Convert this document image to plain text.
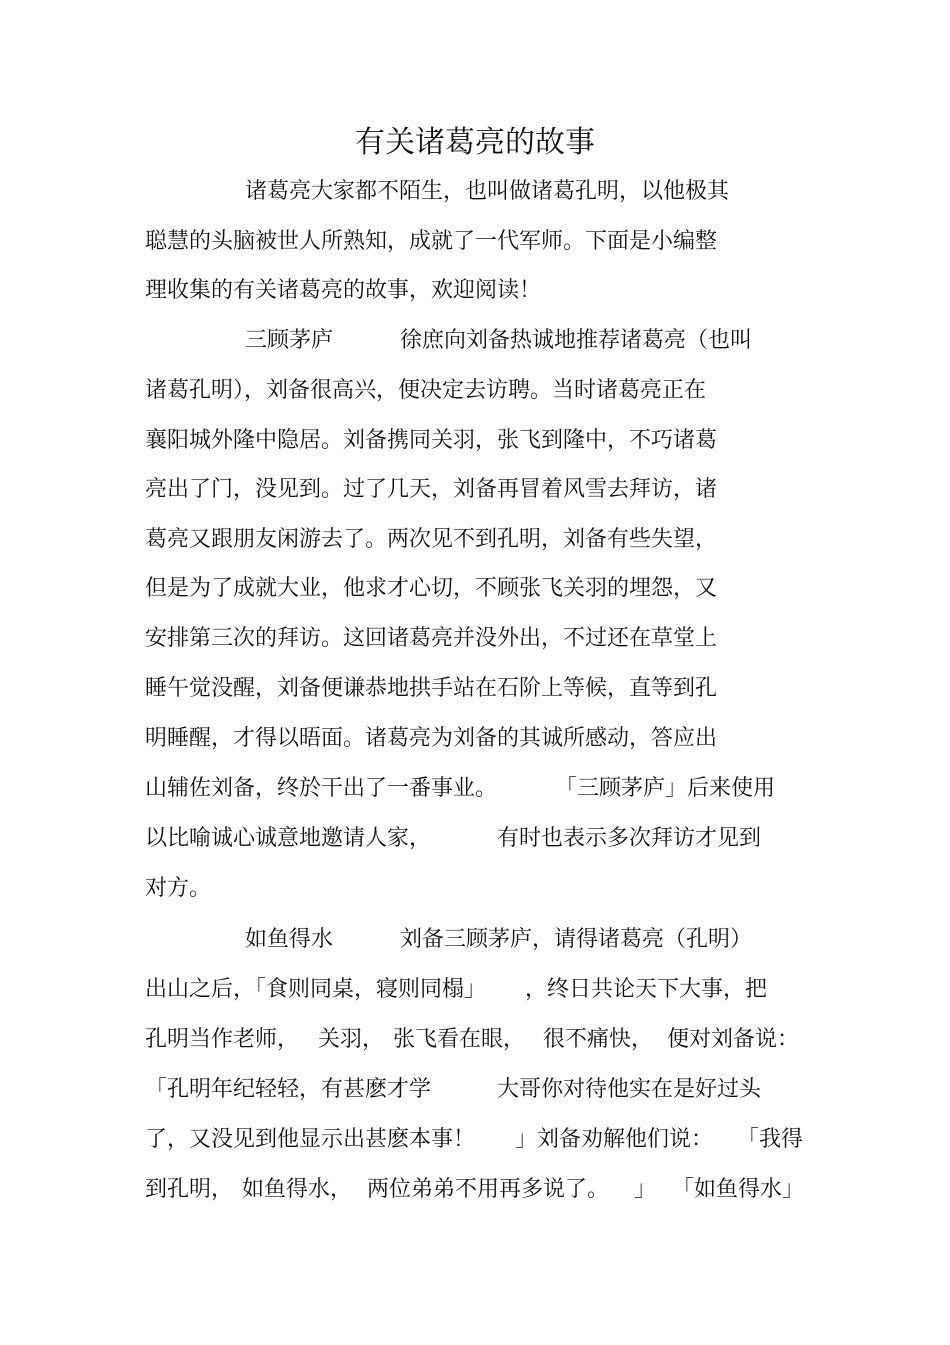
有关诸葛亮的故事

诸葛亮大家都不陌生，也叫做诸葛孔明，以他极其

聪慧的头脑被世人所熟知，成就了一代军师。下面是小编整

理收集的有关诸葛亮的故事，欢迎阅读！

三顾茅庐	徐庶向刘备热诚地推荐诸葛亮（也叫

诸葛孔明），刘备很高兴，便决定去访聘。当时诸葛亮正在

襄阳城外隆中隐居。刘备携同关羽，张飞到隆中，不巧诸葛

亮出了门，没见到。过了几天，刘备再冒着风雪去拜访，诸

葛亮又跟朋友闲游去了。两次见不到孔明，刘备有些失望，

但是为了成就大业，他求才心切，不顾张飞关羽的埋怨，又

安排第三次的拜访。这回诸葛亮并没外出，不过还在草堂上

睡午觉没醒，刘备便谦恭地拱手站在石阶上等候，直等到孔

明睡醒，才得以晤面。诸葛亮为刘备的其诚所感动，答应出

山辅佐刘备，终於干出了一番事业。	「三顾茅庐」后来使用

以比喻诚心诚意地邀请人家，	有时也表示多次拜访才见到

对方。

如鱼得水	刘备三顾茅庐，请得诸葛亮（孔明）

出山之后，「食则同桌，寝则同榻」 ，终日共论天下大事，把

孔明当作老师， 关羽， 张飞看在眼， 很不痛快， 便对刘备说：

「孔明年纪轻轻，有甚麽才学	大哥你对待他实在是好过头

了，又没见到他显示出甚麽本事！ 」刘备劝解他们说： 「我得

到孔明， 如鱼得水， 两位弟弟不用再多说了。 」 「如鱼得水」
